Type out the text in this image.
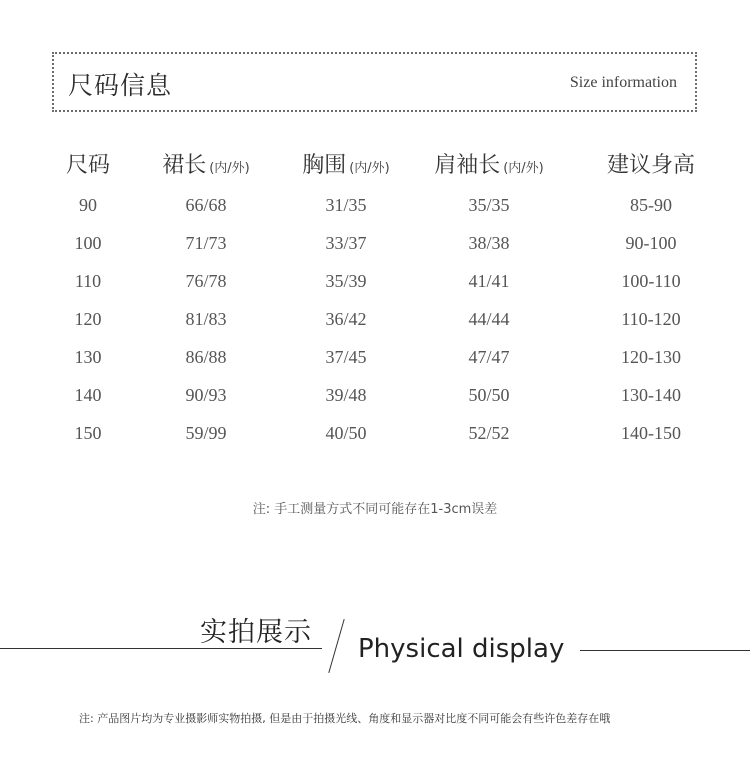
尺码信息	Size information
尺码	裙长 (内/外)	胸围 (内/外)	肩袖长 (内/外)	建议身高
90	66/68	31/35	35/35	85-90
100	71/73	33/37	38/38	90-100
110	76/78	35/39	41/41	100-110
120	81/83	36/42	44/44	110-120
130	86/88	37/45	47/47	120-130
140	90/93	39/48	50/50	130-140
150	59/99	40/50	52/52	140-150
注: 手工测量方式不同可能存在1-3cm误差
实拍展示
Physical display
注: 产品图片均为专业摄影师实物拍摄, 但是由于拍摄光线、角度和显示器对比度不同可能会有些许色差存在哦
